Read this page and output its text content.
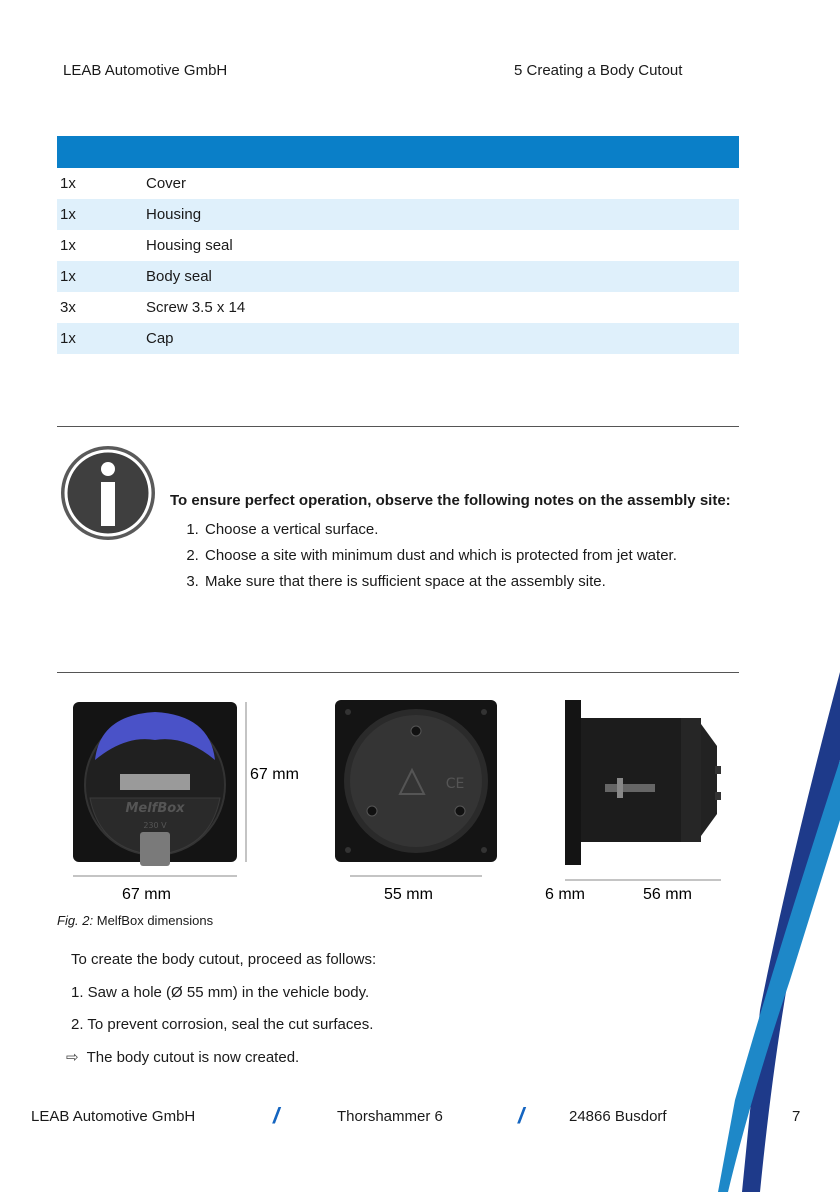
LEAB Automotive GmbH	5 Creating a Body Cutout
1x	Cover
1x	Housing
1x	Housing seal
1x	Body seal
3x	Screw 3.5 x 14
1x	Cap
To ensure perfect operation, observe the following notes on the assembly site:
1. Choose a vertical surface.
2. Choose a site with minimum dust and which is protected from jet water.
3. Make sure that there is sufficient space at the assembly site.
MelfBox
230 V
67 mm
67 mm
CE
55 mm	6 mm	56 mm
Fig. 2: MelfBox dimensions
To create the body cutout, proceed as follows:
1. Saw a hole (Ø 55 mm) in the vehicle body.
2. To prevent corrosion, seal the cut surfaces.
⇨ The body cutout is now created.
LEAB Automotive GmbH	//	Thorshammer 6	//	24866 Busdorf	7
